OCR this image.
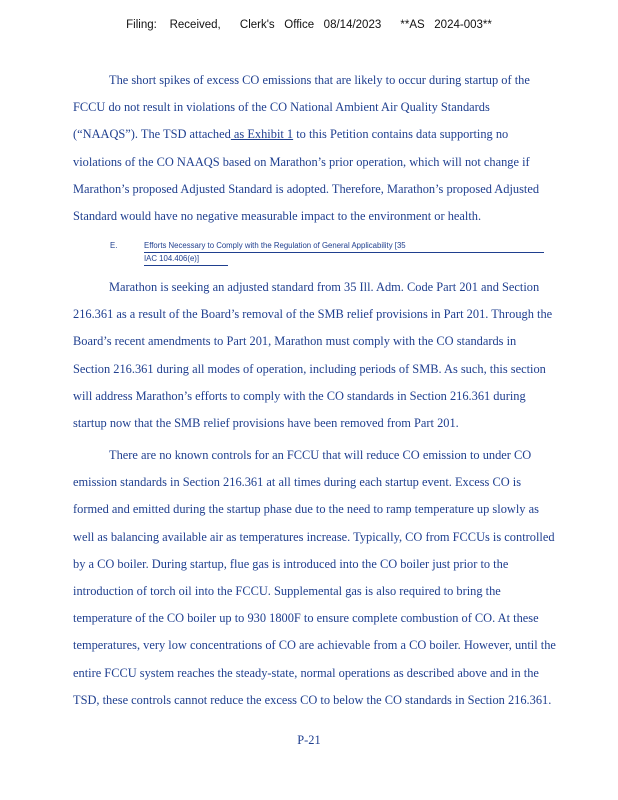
Filing:    Received,      Clerk's   Office   08/14/2023      **AS   2024-003**
The short spikes of excess CO emissions that are likely to occur during startup of the
FCCU do not result in violations of the CO National Ambient Air Quality Standards
(“NAAQS”). The TSD attached as Exhibit 1 to this Petition contains data supporting no
violations of the CO NAAQS based on Marathon’s prior operation, which will not change if
Marathon’s proposed Adjusted Standard is adopted. Therefore, Marathon’s proposed Adjusted
Standard would have no negative measurable impact to the environment or health.
E.	Efforts Necessary to Comply with the Regulation of General Applicability [35
IAC 104.406(e)]
Marathon is seeking an adjusted standard from 35 Ill. Adm. Code Part 201 and Section
216.361 as a result of the Board’s removal of the SMB relief provisions in Part 201. Through the
Board’s recent amendments to Part 201, Marathon must comply with the CO standards in
Section 216.361 during all modes of operation, including periods of SMB. As such, this section
will address Marathon’s efforts to comply with the CO standards in Section 216.361 during
startup now that the SMB relief provisions have been removed from Part 201.
There are no known controls for an FCCU that will reduce CO emission to under CO
emission standards in Section 216.361 at all times during each startup event. Excess CO is
formed and emitted during the startup phase due to the need to ramp temperature up slowly as
well as balancing available air as temperatures increase. Typically, CO from FCCUs is controlled
by a CO boiler. During startup, flue gas is introduced into the CO boiler just prior to the
introduction of torch oil into the FCCU. Supplemental gas is also required to bring the
temperature of the CO boiler up to 930 1800F to ensure complete combustion of CO. At these
temperatures, very low concentrations of CO are achievable from a CO boiler. However, until the
entire FCCU system reaches the steady-state, normal operations as described above and in the
TSD, these controls cannot reduce the excess CO to below the CO standards in Section 216.361.
P-21
